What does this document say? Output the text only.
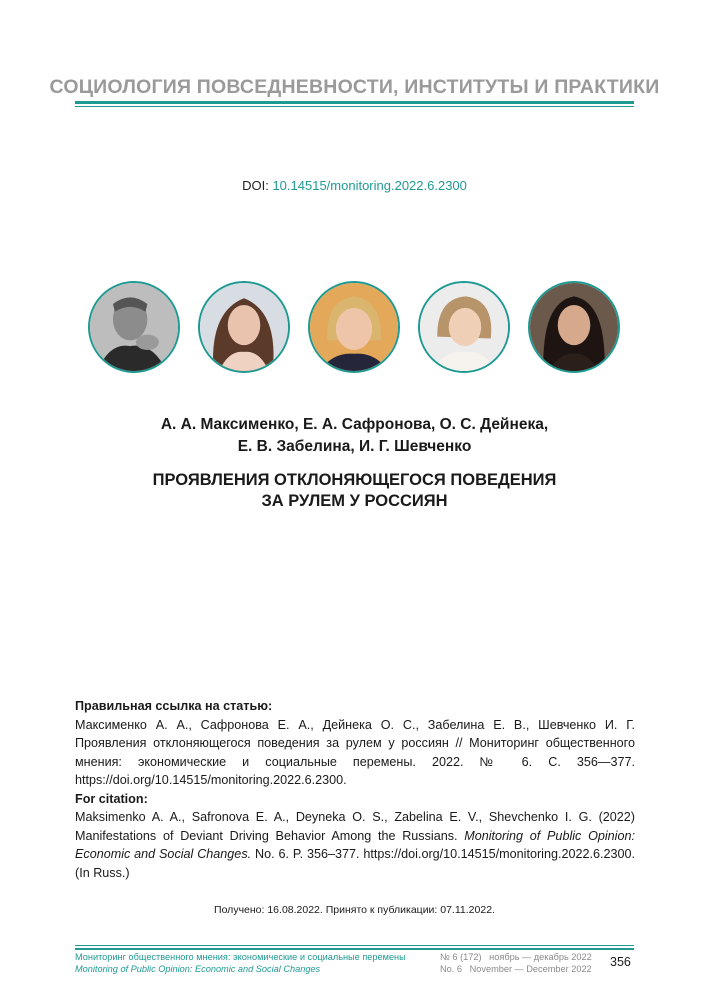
СОЦИОЛОГИЯ ПОВСЕДНЕВНОСТИ, ИНСТИТУТЫ И ПРАКТИКИ
DOI: 10.14515/monitoring.2022.6.2300
А. А. Максименко, Е. А. Сафронова, О. С. Дейнека,
Е. В. Забелина, И. Г. Шевченко
ПРОЯВЛЕНИЯ ОТКЛОНЯЮЩЕГОСЯ ПОВЕДЕНИЯ
ЗА РУЛЕМ У РОССИЯН
Правильная ссылка на статью:

Максименко А. А., Сафронова Е. А., Дейнека О. С., Забелина Е. В., Шевченко И. Г. Проявления отклоняющегося поведения за рулем у россиян // Мониторинг общественного мнения: экономические и социальные перемены. 2022. № 6. С. 356—377. https://doi.org/10.14515/monitoring.2022.6.2300.

For citation:

Maksimenko A. A., Safronova E. A., Deyneka O. S., Zabelina E. V., Shevchenko I. G. (2022) Manifestations of Deviant Driving Behavior Among the Russians. Monitoring of Public Opinion: Economic and Social Changes. No. 6. P. 356–377. https://doi.org/10.14515/monitoring.2022.6.2300. (In Russ.)

Получено: 16.08.2022. Принято к публикации: 07.11.2022.
Мониторинг общественного мнения: экономические и социальные перемены
Monitoring of Public Opinion: Economic and Social Changes
№ 6 (172)   ноябрь — декабрь 2022
No. 6   November — December 2022 356
